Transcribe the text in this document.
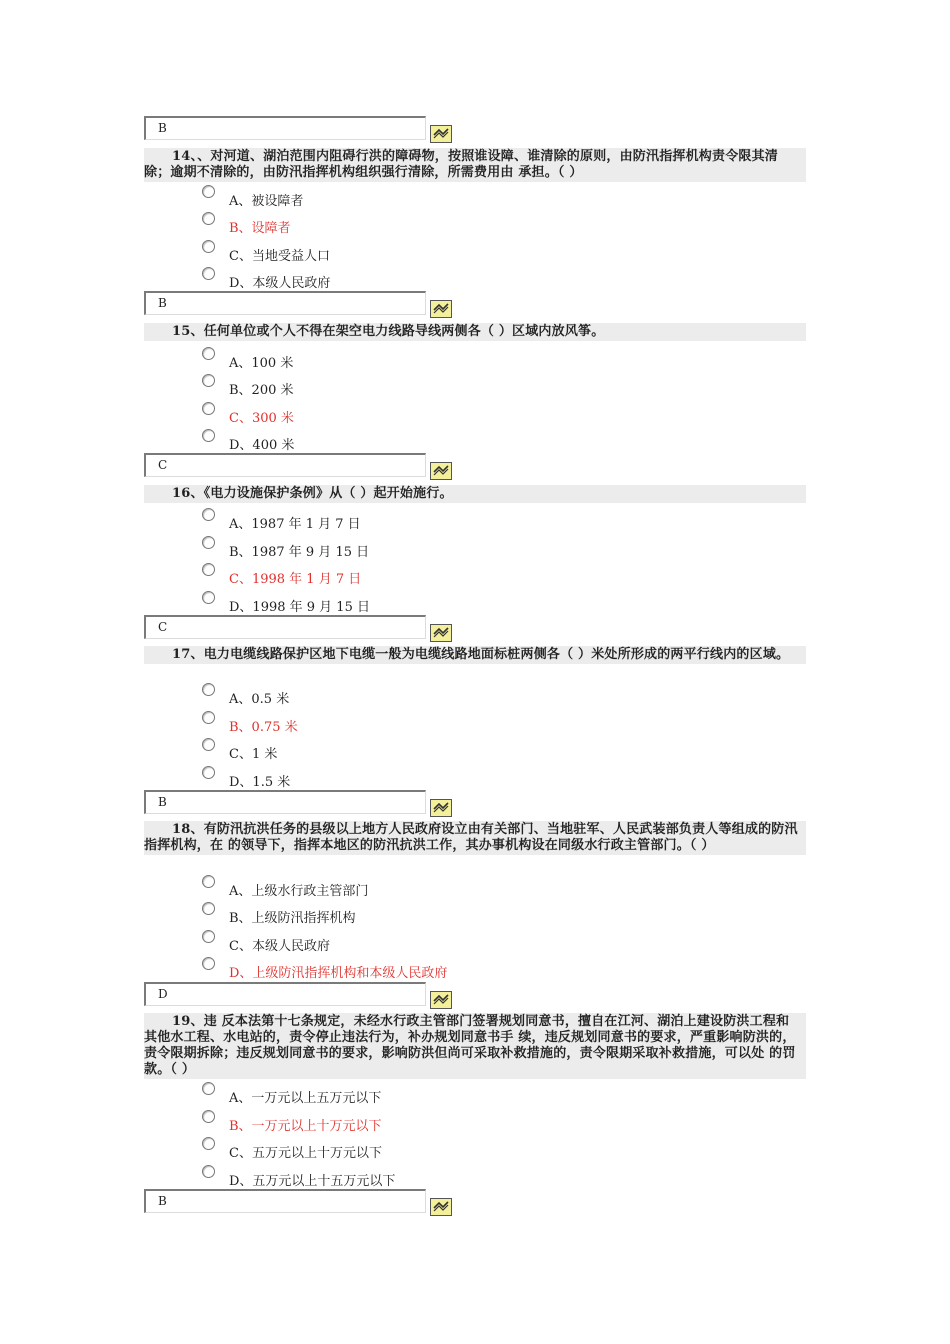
B
B
C
C
B
D
B
14、、对河道、湖泊范围内阻碍行洪的障碍物，按照谁设障、谁清除的原则，由防汛指挥机构责令限其清除；逾期不清除的，由防汛指挥机构组织强行清除，所需费用由 承担。（ ）
A、被设障者
B、设障者
C、当地受益人口
D、本级人民政府
15、任何单位或个人不得在架空电力线路导线两侧各（ ）区域内放风筝。
A、100 米
B、200 米
C、300 米
D、400 米
16、《电力设施保护条例》从（ ）起开始施行。
A、1987 年 1 月 7 日
B、1987 年 9 月 15 日
C、1998 年 1 月 7 日
D、1998 年 9 月 15 日
17、电力电缆线路保护区地下电缆一般为电缆线路地面标桩两侧各（ ）米处所形成的两平行线内的区域。
A、0.5 米
B、0.75 米
C、1 米
D、1.5 米
18、有防汛抗洪任务的县级以上地方人民政府设立由有关部门、当地驻军、人民武装部负责人等组成的防汛指挥机构，在 的领导下，指挥本地区的防汛抗洪工作，其办事机构设在同级水行政主管部门。（ ）
A、上级水行政主管部门
B、上级防汛指挥机构
C、本级人民政府
D、上级防汛指挥机构和本级人民政府
19、违 反本法第十七条规定，未经水行政主管部门签署规划同意书，擅自在江河、湖泊上建设防洪工程和其他水工程、水电站的，责令停止违法行为，补办规划同意书手 续，违反规划同意书的要求，严重影响防洪的，责令限期拆除；违反规划同意书的要求，影响防洪但尚可采取补救措施的，责令限期采取补救措施，可以处 的罚款。（ ）
A、一万元以上五万元以下
B、一万元以上十万元以下
C、五万元以上十万元以下
D、五万元以上十五万元以下
